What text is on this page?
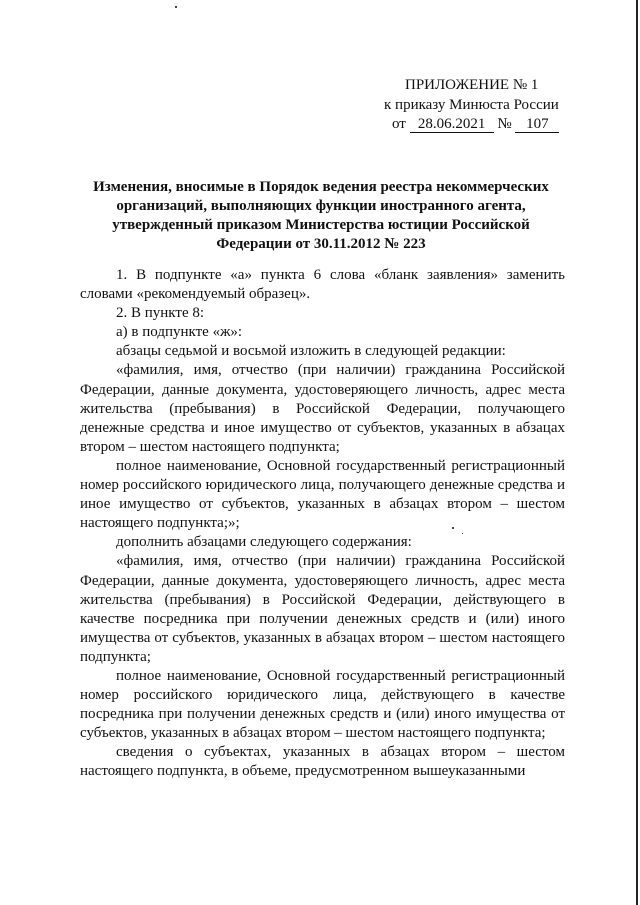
ПРИЛОЖЕНИЕ № 1
к приказу Минюста России
от 28.06.2021 № 107
Изменения, вносимые в Порядок ведения реестра некоммерческих организаций, выполняющих функции иностранного агента, утвержденный приказом Министерства юстиции Российской Федерации от 30.11.2012 № 223

1. В подпункте «а» пункта 6 слова «бланк заявления» заменить словами «рекомендуемый образец».

2. В пункте 8:

а) в подпункте «ж»:

абзацы седьмой и восьмой изложить в следующей редакции:

«фамилия, имя, отчество (при наличии) гражданина Российской Федерации, данные документа, удостоверяющего личность, адрес места жительства (пребывания) в Российской Федерации, получающего денежные средства и иное имущество от субъектов, указанных в абзацах втором – шестом настоящего подпункта;

полное наименование, Основной государственный регистрационный номер российского юридического лица, получающего денежные средства и иное имущество от субъектов, указанных в абзацах втором – шестом настоящего подпункта;»;

дополнить абзацами следующего содержания:

«фамилия, имя, отчество (при наличии) гражданина Российской Федерации, данные документа, удостоверяющего личность, адрес места жительства (пребывания) в Российской Федерации, действующего в качестве посредника при получении денежных средств и (или) иного имущества от субъектов, указанных в абзацах втором – шестом настоящего подпункта;

полное наименование, Основной государственный регистрационный номер российского юридического лица, действующего в качестве посредника при получении денежных средств и (или) иного имущества от субъектов, указанных в абзацах втором – шестом настоящего подпункта;

сведения о субъектах, указанных в абзацах втором – шестом настоящего подпункта, в объеме, предусмотренном вышеуказанными
